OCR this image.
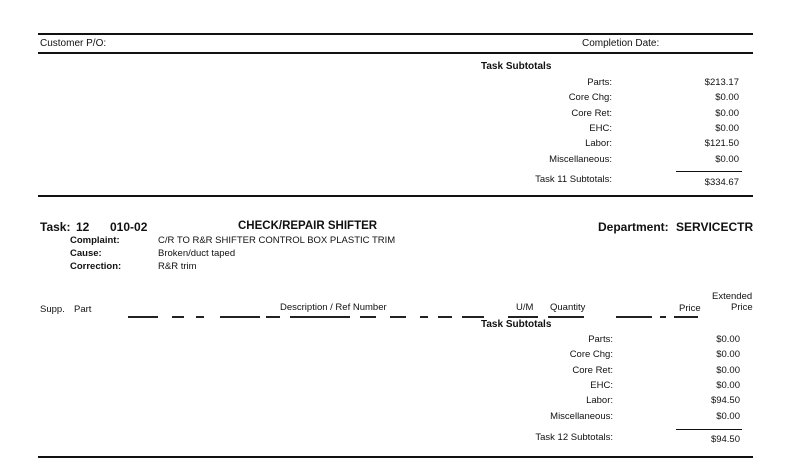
Customer P/O:	Completion Date:
Task Subtotals
Parts:	$213.17
Core Chg:	$0.00
Core Ret:	$0.00
EHC:	$0.00
Labor:	$121.50
Miscellaneous:	$0.00
Task 11 Subtotals:	$334.67
Task: 12 010-02	CHECK/REPAIR SHIFTER	Department: SERVICECTR
Complaint:	C/R TO R&R SHIFTER CONTROL BOX PLASTIC TRIM
Cause:	Broken/duct taped
Correction:	R&R trim
Supp. Part	Description / Ref Number	U/M Quantity	Price
Extended
Price
Task Subtotals
Parts:	$0.00
Core Chg:	$0.00
Core Ret:	$0.00
EHC:	$0.00
Labor:	$94.50
Miscellaneous:	$0.00
Task 12 Subtotals:	$94.50
